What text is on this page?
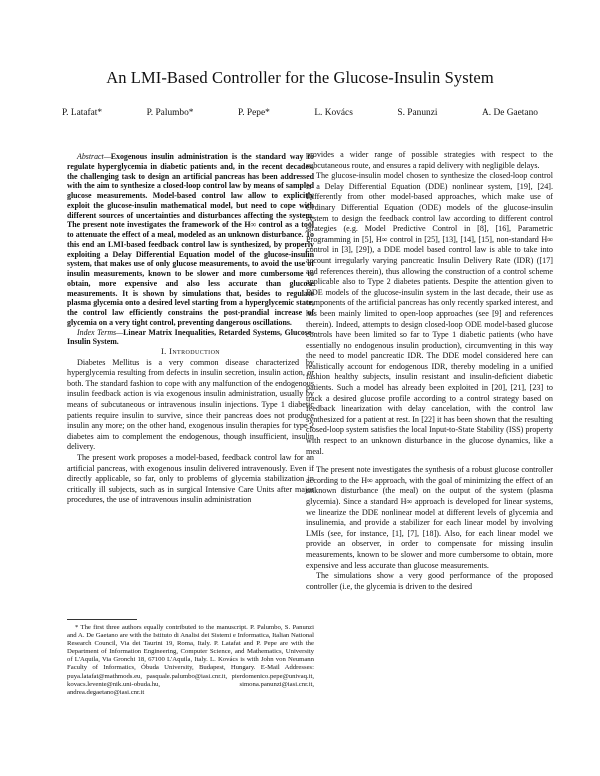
An LMI-Based Controller for the Glucose-Insulin System
P. Latafat*	P. Palumbo*	P. Pepe*	L. Kovács	S. Panunzi	A. De Gaetano

Abstract—Exogenous insulin administration is the standard way to regulate hyperglycemia in diabetic patients and, in the recent decades, the challenging task to design an artificial pancreas has been addressed with the aim to synthesize a closed-loop control law by means of sampled glucose measurements. Model-based control law allow to explicitly exploit the glucose-insulin mathematical model, but need to cope with different sources of uncertainties and disturbances affecting the system. The present note investigates the framework of the H∞ control as a tool to attenuate the effect of a meal, modeled as an unknown disturbance. To this end an LMI-based feedback control law is synthesized, by properly exploiting a Delay Differential Equation model of the glucose-insulin system, that makes use of only glucose measurements, to avoid the use of insulin measurements, known to be slower and more cumbersome to obtain, more expensive and also less accurate than glucose measurements. It is shown by simulations that, besides to regulate plasma glycemia onto a desired level starting from a hyperglycemic state, the control law efficiently constrains the post-prandial increase of glycemia on a very tight control, preventing dangerous oscillations.

Index Terms—Linear Matrix Inequalities, Retarded Systems, Glucose-Insulin System.

I. Introduction

Diabetes Mellitus is a very common disease characterized by hyperglycemia resulting from defects in insulin secretion, insulin action, or both. The standard fashion to cope with any malfunction of the endogenous insulin feedback action is via exogenous insulin administration, usually by means of subcutaneous or intravenous insulin injections. Type 1 diabetic patients require insulin to survive, since their pancreas does not produce insulin any more; on the other hand, exogenous insulin therapies for type 2 diabetes aim to complement the endogenous, though insufficient, insulin delivery.

The present work proposes a model-based, feedback control law for an artificial pancreas, with exogenous insulin delivered intravenously. Even if directly applicable, so far, only to problems of glycemia stabilization in critically ill subjects, such as in surgical Intensive Care Units after major procedures, the use of intravenous insulin administration

* The first three authors equally contributed to the manuscript. P. Palumbo, S. Panunzi and A. De Gaetano are with the Istituto di Analisi dei Sistemi e Informatica, Italian National Research Council, Via dei Taurini 19, Roma, Italy. P. Latafat and P. Pepe are with the Department of Information Engineering, Computer Science, and Mathematics, University of L'Aquila, Via Gronchi 18, 67100 L'Aquila, Italy. L. Kovács is with John von Neumann Faculty of Informatics, Óbuda University, Budapest, Hungary. E-Mail Addresses: puya.latafat@mathmods.eu, pasquale.palumbo@iasi.cnr.it, pierdomenico.pepe@univaq.it, kovacs.levente@nik.uni-obuda.hu, simona.panunzi@iasi.cnr.it, andrea.degaetano@iasi.cnr.it

provides a wider range of possible strategies with respect to the subcutaneous route, and ensures a rapid delivery with negligible delays.

The glucose-insulin model chosen to synthesize the closed-loop control is a Delay Differential Equation (DDE) nonlinear system, [19], [24]. Differently from other model-based approaches, which make use of Ordinary Differential Equation (ODE) models of the glucose-insulin system to design the feedback control law according to different control strategies (e.g. Model Predictive Control in [8], [16], Parametric Programming in [5], H∞ control in [25], [13], [14], [15], non-standard H∞ control in [3], [29]), a DDE model based control law is able to take into account irregularly varying pancreatic Insulin Delivery Rate (IDR) ([17] and references therein), thus allowing the construction of a control scheme applicable also to Type 2 diabetes patients. Despite the attention given to DDE models of the glucose-insulin system in the last decade, their use as components of the artificial pancreas has only recently sparked interest, and has been mainly limited to open-loop approaches (see [9] and references therein). Indeed, attempts to design closed-loop ODE model-based glucose controls have been limited so far to Type 1 diabetic patients (who have essentially no endogenous insulin production), circumventing in this way the need to model pancreatic IDR. The DDE model considered here can realistically account for endogenous IDR, thereby modeling in a unified fashion healthy subjects, insulin resistant and insulin-deficient diabetic patients. Such a model has already been exploited in [20], [21], [23] to track a desired glucose profile according to a control strategy based on feedback linearization with delay cancelation, with the control law synthesized for a patient at rest. In [22] it has been shown that the resulting closed-loop system satisfies the local Input-to-State Stability (ISS) property with respect to an unknown disturbance in the glucose dynamics, like a meal.

The present note investigates the synthesis of a robust glucose controller according to the H∞ approach, with the goal of minimizing the effect of an unknown disturbance (the meal) on the output of the system (plasma glycemia). Since a standard H∞ approach is developed for linear systems, we linearize the DDE nonlinear model at different levels of glycemia and insulinemia, and provide a stabilizer for each linear model by involving LMIs (see, for instance, [1], [7], [18]). Also, for each linear model we provide an observer, in order to compensate for missing insulin measurements, known to be slower and more cumbersome to obtain, more expensive and less accurate than glucose measurements.

The simulations show a very good performance of the proposed controller (i.e, the glycemia is driven to the desired
